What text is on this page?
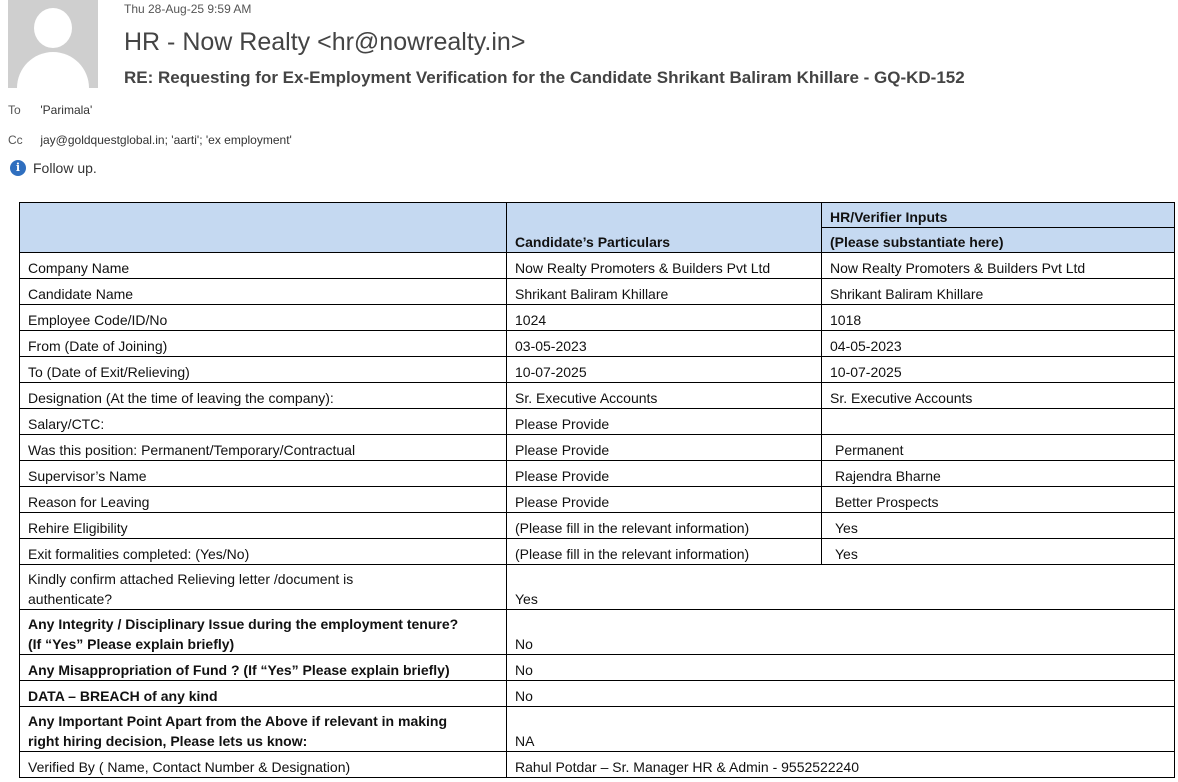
Thu 28-Aug-25 9:59 AM
HR - Now Realty <hr@nowrealty.in>
RE: Requesting for Ex-Employment Verification for the Candidate Shrikant Baliram Khillare - GQ-KD-152
To 'Parimala'
Cc jay@goldquestglobal.in; 'aarti'; 'ex employment'
i Follow up.
	Candidate’s Particulars	HR/Verifier Inputs
		(Please substantiate here)
Company Name	Now Realty Promoters & Builders Pvt Ltd	Now Realty Promoters & Builders Pvt Ltd
Candidate Name	Shrikant Baliram Khillare	Shrikant Baliram Khillare
Employee Code/ID/No	1024	1018
From (Date of Joining)	03-05-2023	04-05-2023
To (Date of Exit/Relieving)	10-07-2025	10-07-2025
Designation (At the time of leaving the company):	Sr. Executive Accounts	Sr. Executive Accounts
Salary/CTC:	Please Provide	
Was this position: Permanent/Temporary/Contractual	Please Provide	Permanent
Supervisor’s Name	Please Provide	Rajendra Bharne
Reason for Leaving	Please Provide	Better Prospects
Rehire Eligibility	(Please fill in the relevant information)	Yes
Exit formalities completed: (Yes/No)	(Please fill in the relevant information)	Yes
Kindly confirm attached Relieving letter /document is
authenticate?	Yes	
Any Integrity / Disciplinary Issue during the employment tenure?
(If “Yes” Please explain briefly)	No	
Any Misappropriation of Fund ? (If “Yes” Please explain briefly)	No	
DATA – BREACH of any kind	No	
Any Important Point Apart from the Above if relevant in making
right hiring decision, Please lets us know:	NA	
Verified By ( Name, Contact Number & Designation)	Rahul Potdar – Sr. Manager HR & Admin - 9552522240	
